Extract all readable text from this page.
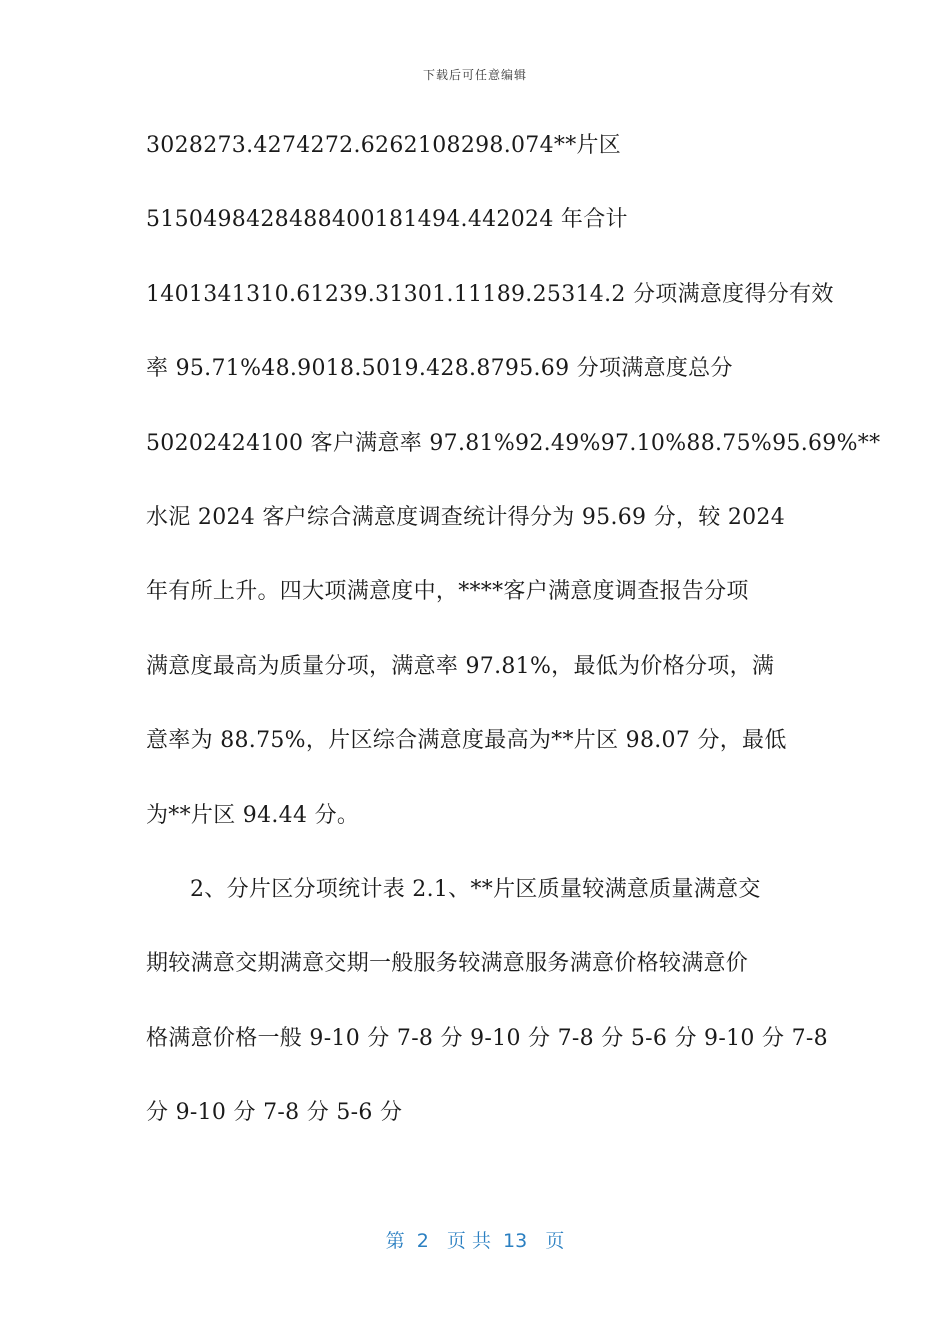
下载后可任意编辑
3028273.4274272.6262108298.074**片区
5150498428488400181494.442024 年合计
1401341310.61239.31301.11189.25314.2 分项满意度得分有效
率 95.71%48.9018.5019.428.8795.69 分项满意度总分
50202424100 客户满意率 97.81%92.49%97.10%88.75%95.69%**
水泥 2024 客户综合满意度调查统计得分为 95.69 分，较 2024
年有所上升。四大项满意度中，****客户满意度调查报告分项
满意度最高为质量分项，满意率 97.81%，最低为价格分项，满
意率为 88.75%，片区综合满意度最高为**片区 98.07 分，最低
为**片区 94.44 分。
2、分片区分项统计表 2.1、**片区质量较满意质量满意交
期较满意交期满意交期一般服务较满意服务满意价格较满意价
格满意价格一般 9-10 分 7-8 分 9-10 分 7-8 分 5-6 分 9-10 分 7-8
分 9-10 分 7-8 分 5-6 分
第  2   页 共  13   页
